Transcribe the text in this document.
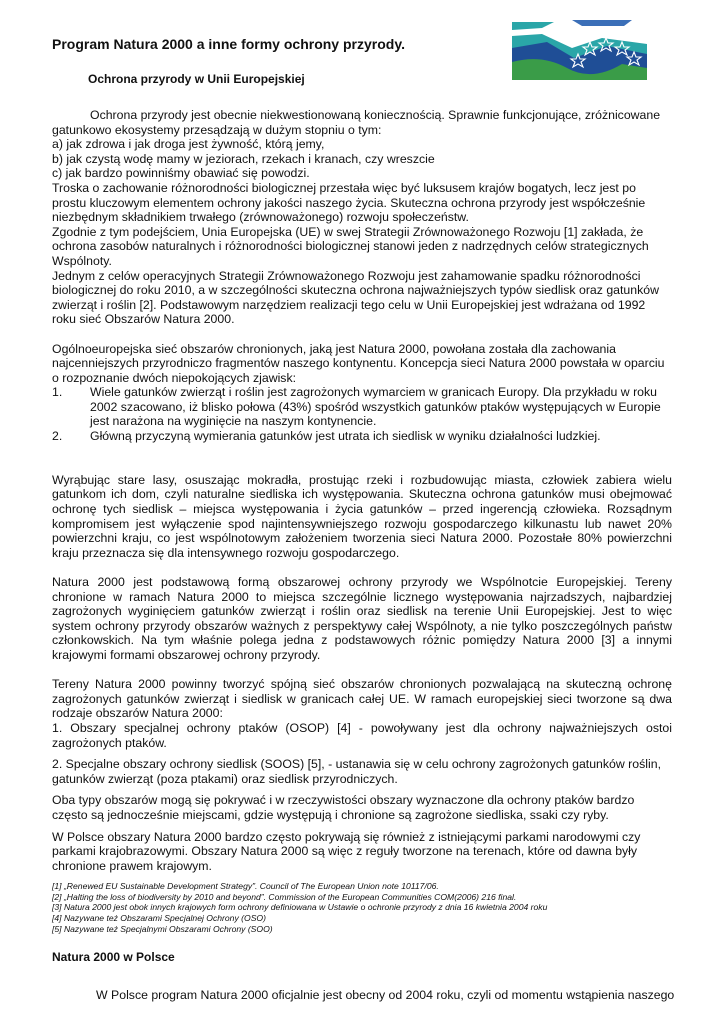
Program Natura 2000 a inne formy ochrony przyrody.
Ochrona przyrody w Unii Europejskiej

Ochrona przyrody jest obecnie niekwestionowaną koniecznością. Sprawnie funkcjonujące, zróżnicowane gatunkowo ekosystemy przesądzają w dużym stopniu o tym:

a) jak zdrowa i jak droga jest żywność, którą jemy,

b) jak czystą wodę mamy w jeziorach, rzekach i kranach, czy wreszcie

c) jak bardzo powinniśmy obawiać się powodzi.

Troska o zachowanie różnorodności biologicznej przestała więc być luksusem krajów bogatych, lecz jest po prostu kluczowym elementem ochrony jakości naszego życia. Skuteczna ochrona przyrody jest współcześnie niezbędnym składnikiem trwałego (zrównoważonego) rozwoju społeczeństw.

Zgodnie z tym podejściem, Unia Europejska (UE) w swej Strategii Zrównoważonego Rozwoju [1] zakłada, że ochrona zasobów naturalnych i różnorodności biologicznej stanowi jeden z nadrzędnych celów strategicznych Wspólnoty.

Jednym z celów operacyjnych Strategii Zrównoważonego Rozwoju jest zahamowanie spadku różnorodności biologicznej do roku 2010, a w szczególności skuteczna ochrona najważniejszych typów siedlisk oraz gatunków zwierząt i roślin [2]. Podstawowym narzędziem realizacji tego celu w Unii Europejskiej jest wdrażana od 1992 roku sieć Obszarów Natura 2000.

Ogólnoeuropejska sieć obszarów chronionych, jaką jest Natura 2000, powołana została dla zachowania najcenniejszych przyrodniczo fragmentów naszego kontynentu. Koncepcja sieci Natura 2000 powstała w oparciu o rozpoznanie dwóch niepokojących zjawisk:

1.	Wiele gatunków zwierząt i roślin jest zagrożonych wymarciem w granicach Europy. Dla przykładu w roku 2002 szacowano, iż blisko połowa (43%) spośród wszystkich gatunków ptaków występujących w Europie jest narażona na wyginięcie na naszym kontynencie.
2.	Główną przyczyną wymierania gatunków jest utrata ich siedlisk w wyniku działalności ludzkiej.

Wyrąbując stare lasy, osuszając mokradła, prostując rzeki i rozbudowując miasta, człowiek zabiera wielu gatunkom ich dom, czyli naturalne siedliska ich występowania. Skuteczna ochrona gatunków musi obejmować ochronę tych siedlisk – miejsca występowania i życia gatunków – przed ingerencją człowieka. Rozsądnym kompromisem jest wyłączenie spod najintensywniejszego rozwoju gospodarczego kilkunastu lub nawet 20% powierzchni kraju, co jest wspólnotowym założeniem tworzenia sieci Natura 2000. Pozostałe 80% powierzchni kraju przeznacza się dla intensywnego rozwoju gospodarczego.

Natura 2000 jest podstawową formą obszarowej ochrony przyrody we Wspólnotcie Europejskiej. Tereny chronione w ramach Natura 2000 to miejsca szczególnie licznego występowania najrzadszych, najbardziej zagrożonych wyginięciem gatunków zwierząt i roślin oraz siedlisk na terenie Unii Europejskiej. Jest to więc system ochrony przyrody obszarów ważnych z perspektywy całej Wspólnoty, a nie tylko poszczególnych państw członkowskich. Na tym właśnie polega jedna z podstawowych różnic pomiędzy Natura 2000 [3] a innymi krajowymi formami obszarowej ochrony przyrody.

Tereny Natura 2000 powinny tworzyć spójną sieć obszarów chronionych pozwalającą na skuteczną ochronę zagrożonych gatunków zwierząt i siedlisk w granicach całej UE. W ramach europejskiej sieci tworzone są dwa rodzaje obszarów Natura 2000:

1. Obszary specjalnej ochrony ptaków (OSOP) [4] - powoływany jest dla ochrony najważniejszych ostoi zagrożonych ptaków.

2. Specjalne obszary ochrony siedlisk (SOOS) [5], - ustanawia się w celu ochrony zagrożonych gatunków roślin, gatunków zwierząt (poza ptakami) oraz siedlisk przyrodniczych.

Oba typy obszarów mogą się pokrywać i w rzeczywistości obszary wyznaczone dla ochrony ptaków bardzo często są jednocześnie miejscami, gdzie występują i chronione są zagrożone siedliska, ssaki czy ryby.

W Polsce obszary Natura 2000 bardzo często pokrywają się również z istniejącymi parkami narodowymi czy parkami krajobrazowymi. Obszary Natura 2000 są więc z reguły tworzone na terenach, które od dawna były chronione prawem krajowym.

[1] „Renewed EU Sustainable Development Strategy”. Council of The European Union note 10117/06.

[2] „Halting the loss of biodiversity by 2010 and beyond”. Commission of the European Communities COM(2006) 216 final.

[3] Natura 2000 jest obok innych krajowych form ochrony definiowana w Ustawie o ochronie przyrody z dnia 16 kwietnia 2004 roku

[4] Nazywane też Obszarami Specjalnej Ochrony (OSO)

[5] Nazywane też Specjalnymi Obszarami Ochrony (SOO)

Natura 2000 w Polsce
W Polsce program Natura 2000 oficjalnie jest obecny od 2004 roku, czyli od momentu wstąpienia naszego
